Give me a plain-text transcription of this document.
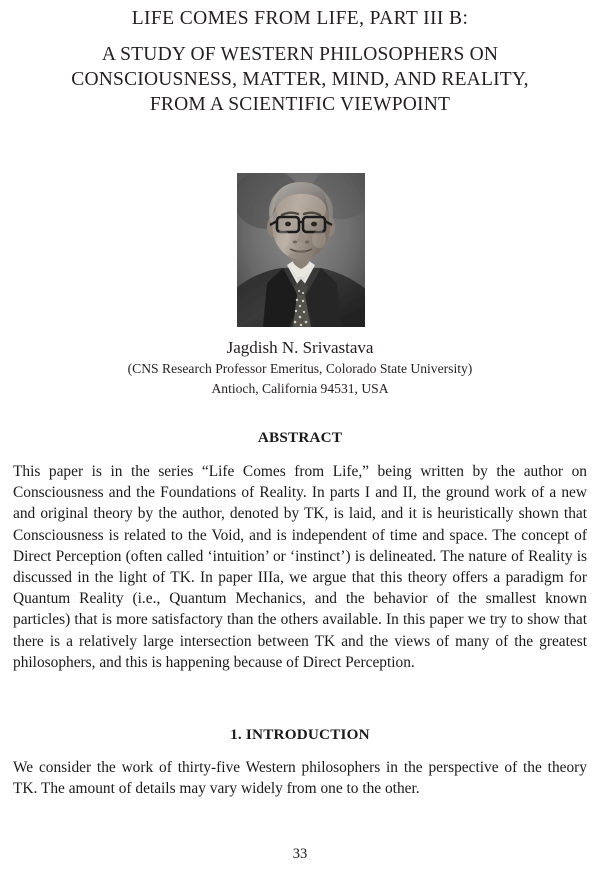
LIFE COMES FROM LIFE, PART III B:
A STUDY OF WESTERN PHILOSOPHERS ON
CONSCIOUSNESS, MATTER, MIND, AND REALITY,
FROM A SCIENTIFIC VIEWPOINT
Jagdish N. Srivastava
(CNS Research Professor Emeritus, Colorado State University)
Antioch, California 94531, USA
ABSTRACT
This paper is in the series “Life Comes from Life,” being written by the author on Consciousness and the Foundations of Reality. In parts I and II, the ground work of a new and original theory by the author, denoted by TK, is laid, and it is heuristically shown that Consciousness is related to the Void, and is independent of time and space. The concept of Direct Perception (often called ‘intuition’ or ‘instinct’) is delineated. The nature of Reality is discussed in the light of TK. In paper IIIa, we argue that this theory offers a paradigm for Quantum Reality (i.e., Quantum Mechanics, and the behavior of the smallest known particles) that is more satisfactory than the others available. In this paper we try to show that there is a relatively large intersection between TK and the views of many of the greatest philosophers, and this is happening because of Direct Perception.
1. INTRODUCTION
We consider the work of thirty-five Western philosophers in the perspective of the theory TK. The amount of details may vary widely from one to the other.
33
